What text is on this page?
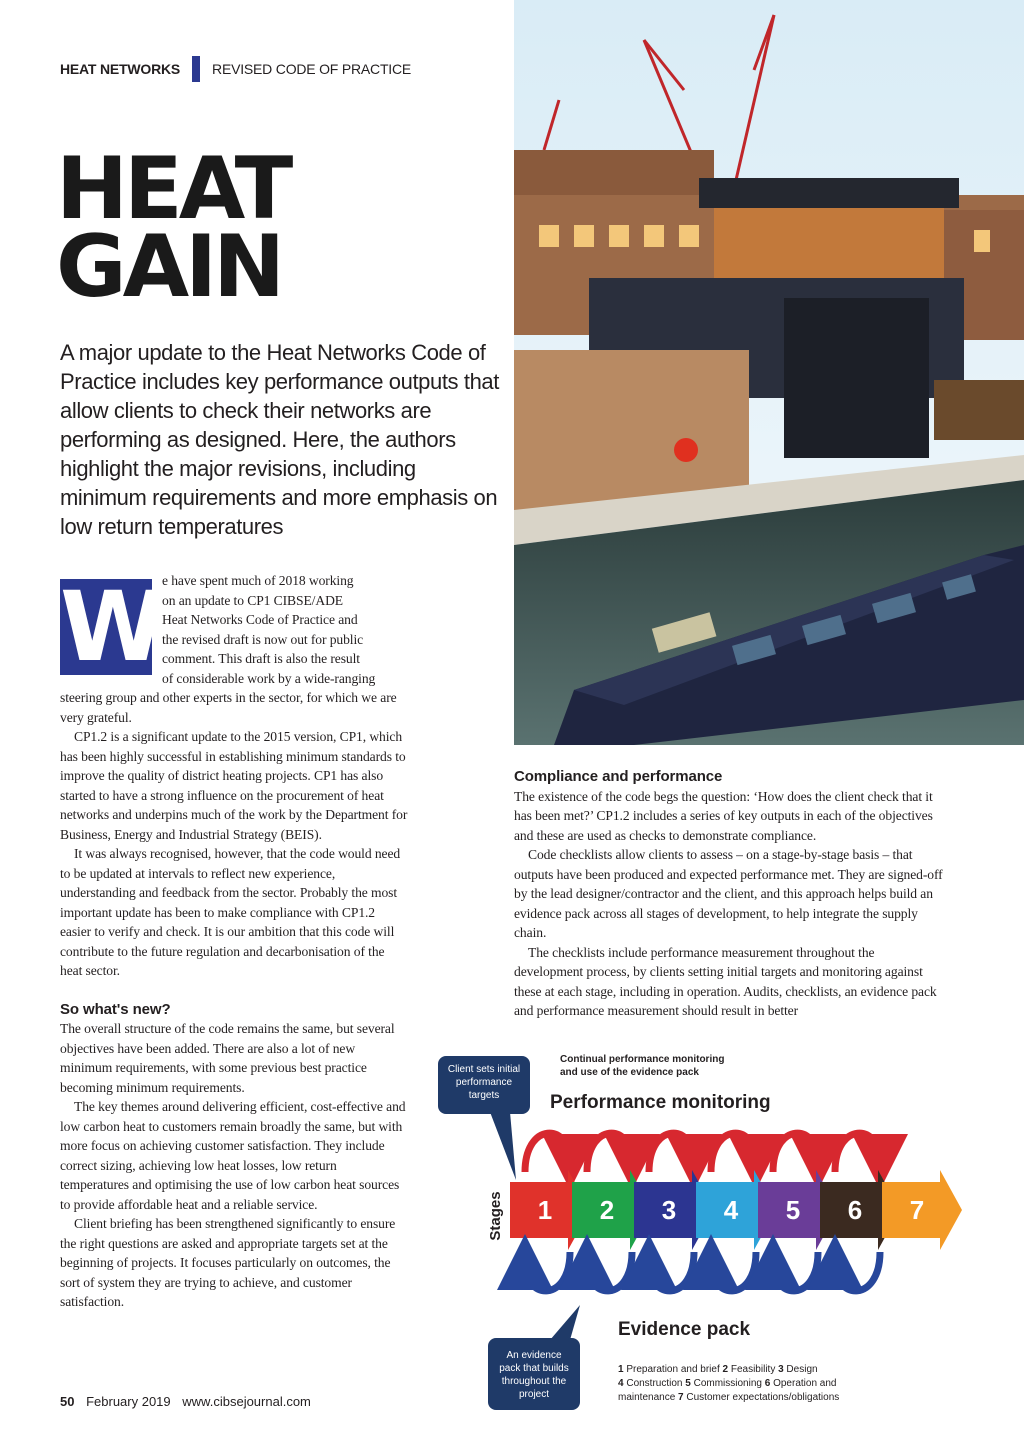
HEAT NETWORKS REVISED CODE OF PRACTICE
HEAT
GAIN
A major update to the Heat Networks Code of Practice includes key performance outputs that allow clients to check their networks are performing as designed. Here, the authors highlight the major revisions, including minimum requirements and more emphasis on low return temperatures
W e have spent much of 2018 working
on an update to CP1 CIBSE/ADE
Heat Networks Code of Practice and
the revised draft is now out for public
comment. This draft is also the result
of considerable work by a wide-ranging

steering group and other experts in the sector, for which we are very grateful.

CP1.2 is a significant update to the 2015 version, CP1, which has been highly successful in establishing minimum standards to improve the quality of district heating projects. CP1 has also started to have a strong influence on the procurement of heat networks and underpins much of the work by the Department for Business, Energy and Industrial Strategy (BEIS).

It was always recognised, however, that the code would need to be updated at intervals to reflect new experience, understanding and feedback from the sector. Probably the most important update has been to make compliance with CP1.2 easier to verify and check. It is our ambition that this code will contribute to the future regulation and decarbonisation of the heat sector.

So what's new?

The overall structure of the code remains the same, but several objectives have been added. There are also a lot of new minimum requirements, with some previous best practice becoming minimum requirements.

The key themes around delivering efficient, cost-effective and low carbon heat to customers remain broadly the same, but with more focus on achieving customer satisfaction. They include correct sizing, achieving low heat losses, low return temperatures and optimising the use of low carbon heat sources to provide affordable heat and a reliable service.

Client briefing has been strengthened significantly to ensure the right questions are asked and appropriate targets set at the beginning of projects. It focuses particularly on outcomes, the sort of system they are trying to achieve, and customer satisfaction.

Compliance and performance

The existence of the code begs the question: ‘How does the client check that it has been met?’ CP1.2 includes a series of key outputs in each of the objectives and these are used as checks to demonstrate compliance.

Code checklists allow clients to assess – on a stage-by-stage basis – that outputs have been produced and expected performance met. They are signed-off by the lead designer/contractor and the client, and this approach helps build an evidence pack across all stages of development, to help integrate the supply chain.

The checklists include performance measurement throughout the development process, by clients setting initial targets and monitoring against these at each stage, including in operation. Audits, checklists, an evidence pack and performance measurement should result in better

Client sets initial
performance
targets
Continual performance monitoring
and use of the evidence pack
Performance monitoring
Stages 1 2 3 4 5 6 7
Evidence pack
An evidence
pack that builds
throughout the
project
1 Preparation and brief 2 Feasibility 3 Design
4 Construction 5 Commissioning 6 Operation and
maintenance 7 Customer expectations/obligations
50 February 2019 www.cibsejournal.com
